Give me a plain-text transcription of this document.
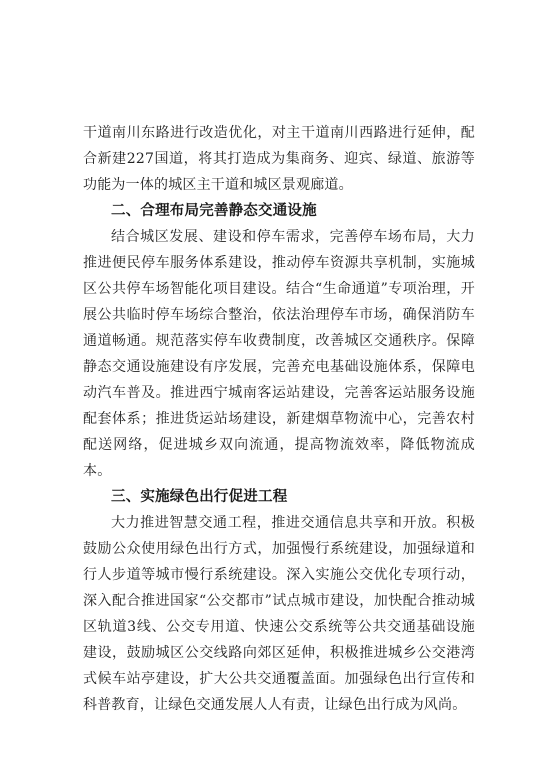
干道南川东路进行改造优化，对主干道南川西路进行延伸，配合新建227国道，将其打造成为集商务、迎宾、绿道、旅游等功能为一体的城区主干道和城区景观廊道。

二、合理布局完善静态交通设施

结合城区发展、建设和停车需求，完善停车场布局，大力推进便民停车服务体系建设，推动停车资源共享机制，实施城区公共停车场智能化项目建设。结合“生命通道”专项治理，开展公共临时停车场综合整治，依法治理停车市场，确保消防车通道畅通。规范落实停车收费制度，改善城区交通秩序。保障静态交通设施建设有序发展，完善充电基础设施体系，保障电动汽车普及。推进西宁城南客运站建设，完善客运站服务设施配套体系；推进货运站场建设，新建烟草物流中心，完善农村配送网络，促进城乡双向流通，提高物流效率，降低物流成本。

三、实施绿色出行促进工程

大力推进智慧交通工程，推进交通信息共享和开放。积极鼓励公众使用绿色出行方式，加强慢行系统建设，加强绿道和行人步道等城市慢行系统建设。深入实施公交优化专项行动，深入配合推进国家“公交都市”试点城市建设，加快配合推动城区轨道3线、公交专用道、快速公交系统等公共交通基础设施建设，鼓励城区公交线路向郊区延伸，积极推进城乡公交港湾式候车站亭建设，扩大公共交通覆盖面。加强绿色出行宣传和科普教育，让绿色交通发展人人有责，让绿色出行成为风尚。
